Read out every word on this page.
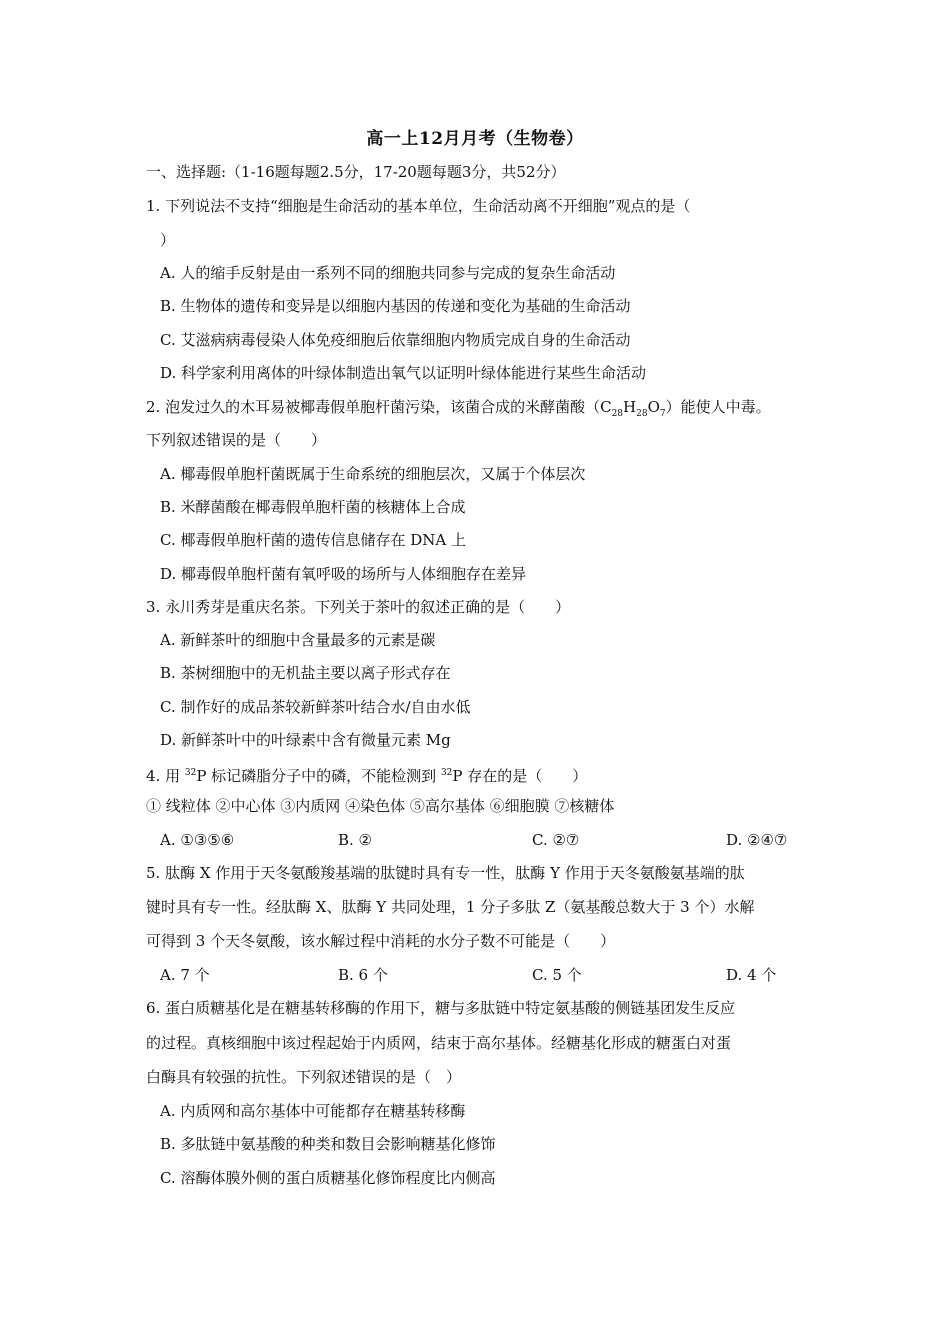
高一上12月月考（生物卷）
一、选择题:（1-16题每题2.5分，17-20题每题3分，共52分）
1. 下列说法不支持“细胞是生命活动的基本单位，生命活动离不开细胞”观点的是（
）
A. 人的缩手反射是由一系列不同的细胞共同参与完成的复杂生命活动
B. 生物体的遗传和变异是以细胞内基因的传递和变化为基础的生命活动
C. 艾滋病病毒侵染人体免疫细胞后依靠细胞内物质完成自身的生命活动
D. 科学家利用离体的叶绿体制造出氧气以证明叶绿体能进行某些生命活动
2. 泡发过久的木耳易被椰毒假单胞杆菌污染，该菌合成的米酵菌酸$(C_{28}H_{28}O_7)$能使人中毒。
下列叙述错误的是（　　）
A. 椰毒假单胞杆菌既属于生命系统的细胞层次，又属于个体层次
B. 米酵菌酸在椰毒假单胞杆菌的核糖体上合成
C. 椰毒假单胞杆菌的遗传信息储存在 DNA 上
D. 椰毒假单胞杆菌有氧呼吸的场所与人体细胞存在差异
3. 永川秀芽是重庆名茶。下列关于茶叶的叙述正确的是（　　）
A. 新鲜茶叶的细胞中含量最多的元素是碳
B. 茶树细胞中的无机盐主要以离子形式存在
C. 制作好的成品茶较新鲜茶叶结合水/自由水低
D. 新鲜茶叶中的叶绿素中含有微量元素 Mg
4. 用 $^{32}$P 标记磷脂分子中的磷，不能检测到 $^{32}$P 存在的是（　　）
① 线粒体 ②中心体 ③内质网 ④染色体 ⑤高尔基体 ⑥细胞膜 ⑦核糖体
A. ①③⑤⑥	B. ②	C. ②⑦	D. ②④⑦
5. 肽酶 X 作用于天冬氨酸羧基端的肽键时具有专一性，肽酶 Y 作用于天冬氨酸氨基端的肽
键时具有专一性。经肽酶 X、肽酶 Y 共同处理，1 分子多肽 Z（氨基酸总数大于 3 个）水解
可得到 3 个天冬氨酸，该水解过程中消耗的水分子数不可能是（　　）
A. 7 个	B. 6 个	C. 5 个	D. 4 个
6. 蛋白质糖基化是在糖基转移酶的作用下，糖与多肽链中特定氨基酸的侧链基团发生反应
的过程。真核细胞中该过程起始于内质网，结束于高尔基体。经糖基化形成的糖蛋白对蛋
白酶具有较强的抗性。下列叙述错误的是（　）
A. 内质网和高尔基体中可能都存在糖基转移酶
B. 多肽链中氨基酸的种类和数目会影响糖基化修饰
C. 溶酶体膜外侧的蛋白质糖基化修饰程度比内侧高
